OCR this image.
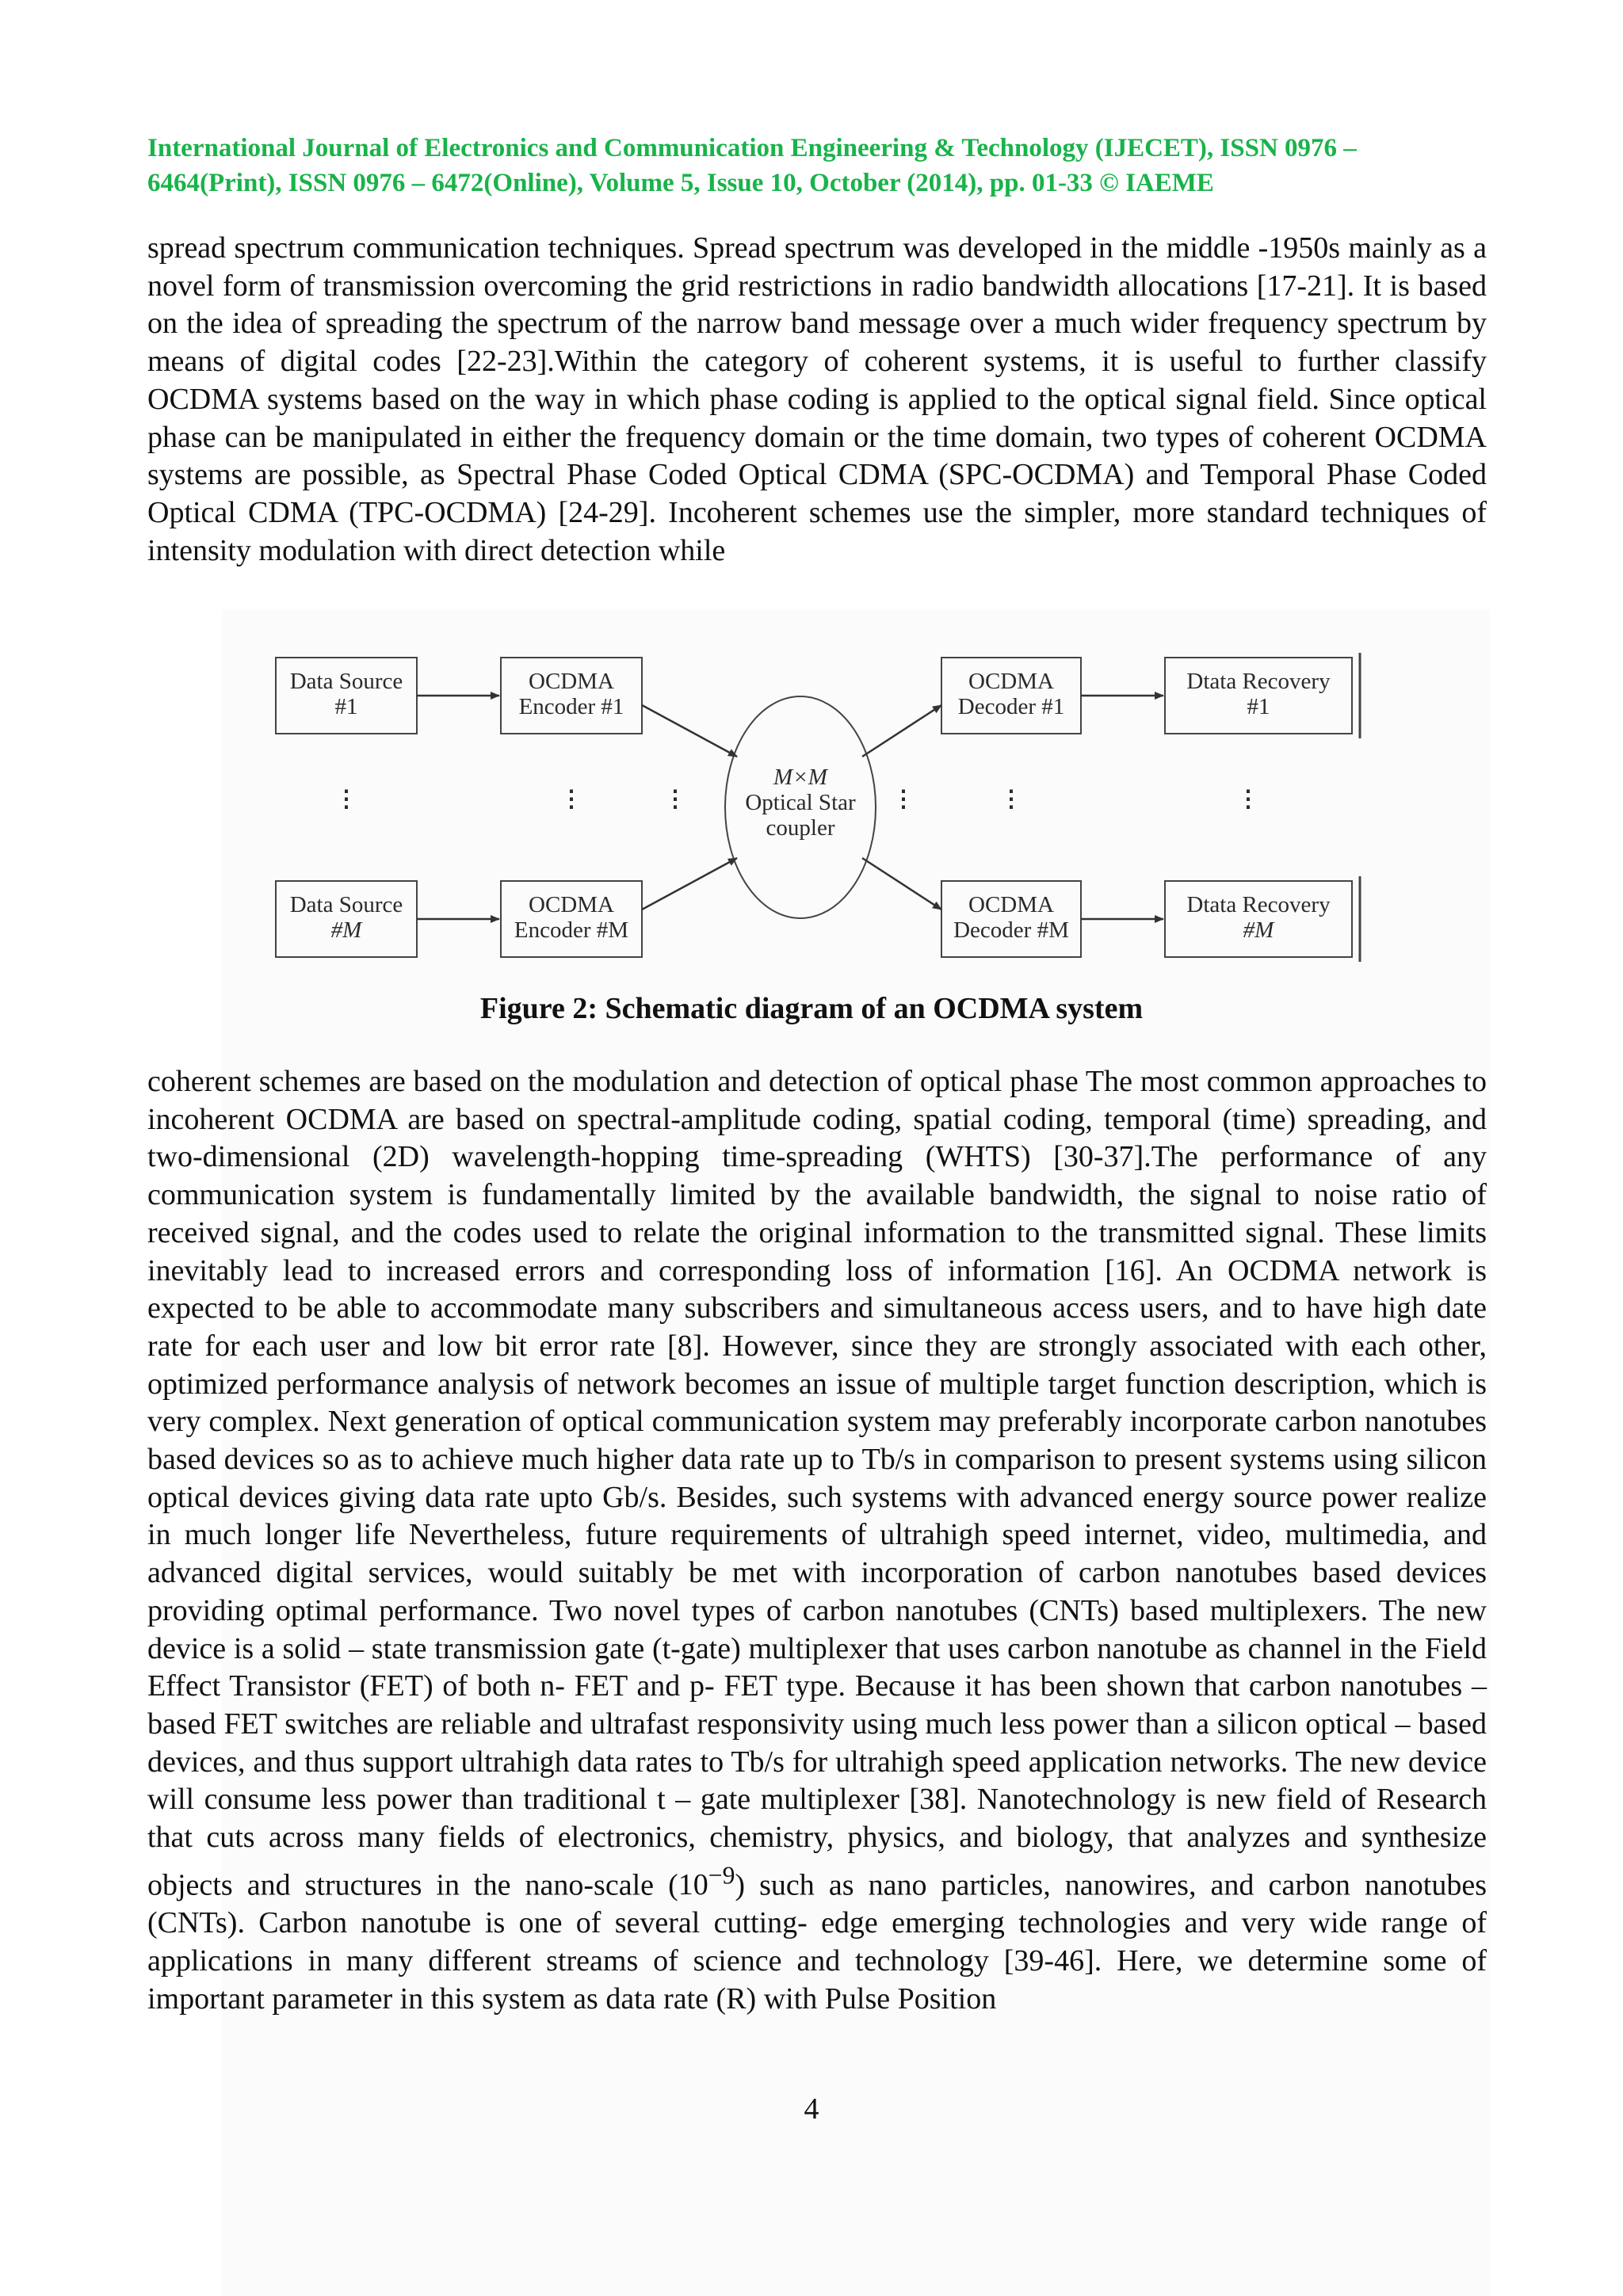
International Journal of Electronics and Communication Engineering & Technology (IJECET), ISSN 0976 –
6464(Print), ISSN 0976 – 6472(Online), Volume 5, Issue 10, October (2014), pp. 01-33 © IAEME

spread spectrum communication techniques. Spread spectrum was developed in the middle -1950s mainly as a novel form of transmission overcoming the grid restrictions in radio bandwidth allocations [17-21]. It is based on the idea of spreading the spectrum of the narrow band message over a much wider frequency spectrum by means of digital codes [22-23].Within the category of coherent systems, it is useful to further classify OCDMA systems based on the way in which phase coding is applied to the optical signal field. Since optical phase can be manipulated in either the frequency domain or the time domain, two types of coherent OCDMA systems are possible, as Spectral Phase Coded Optical CDMA (SPC-OCDMA) and Temporal Phase Coded Optical CDMA (TPC-OCDMA) [24-29]. Incoherent schemes use the simpler, more standard techniques of intensity modulation with direct detection while

Data Source
#1
OCDMA
Encoder #1
OCDMA
Decoder #1
Dtata Recovery
#1
Data Source
#M
OCDMA
Encoder #M
OCDMA
Decoder #M
Dtata Recovery
#M
M×M
Optical Star
coupler
⋮	⋮	⋮	⋮	⋮	⋮
Figure 2: Schematic diagram of an OCDMA system

coherent schemes are based on the modulation and detection of optical phase The most common approaches to incoherent OCDMA are based on spectral-amplitude coding, spatial coding, temporal (time) spreading, and two-dimensional (2D) wavelength-hopping time-spreading (WHTS) [30-37].The performance of any communication system is fundamentally limited by the available bandwidth, the signal to noise ratio of received signal, and the codes used to relate the original information to the transmitted signal. These limits inevitably lead to increased errors and corresponding loss of information [16]. An OCDMA network is expected to be able to accommodate many subscribers and simultaneous access users, and to have high date rate for each user and low bit error rate [8]. However, since they are strongly associated with each other, optimized performance analysis of network becomes an issue of multiple target function description, which is very complex. Next generation of optical communication system may preferably incorporate carbon nanotubes based devices so as to achieve much higher data rate up to Tb/s in comparison to present systems using silicon optical devices giving data rate upto Gb/s. Besides, such systems with advanced energy source power realize in much longer life Nevertheless, future requirements of ultrahigh speed internet, video, multimedia, and advanced digital services, would suitably be met with incorporation of carbon nanotubes based devices providing optimal performance. Two novel types of carbon nanotubes (CNTs) based multiplexers. The new device is a solid – state transmission gate (t-gate) multiplexer that uses carbon nanotube as channel in the Field Effect Transistor (FET) of both n- FET and p- FET type. Because it has been shown that carbon nanotubes – based FET switches are reliable and ultrafast responsivity using much less power than a silicon optical – based devices, and thus support ultrahigh data rates to Tb/s for ultrahigh speed application networks. The new device will consume less power than traditional t – gate multiplexer [38]. Nanotechnology is new field of Research that cuts across many fields of electronics, chemistry, physics, and biology, that analyzes and synthesize objects and structures in the nano-scale $(10^{-9})$ such as nano particles, nanowires, and carbon nanotubes (CNTs). Carbon nanotube is one of several cutting- edge emerging technologies and very wide range of applications in many different streams of science and technology [39-46]. Here, we determine some of important parameter in this system as data rate (R) with Pulse Position

4
